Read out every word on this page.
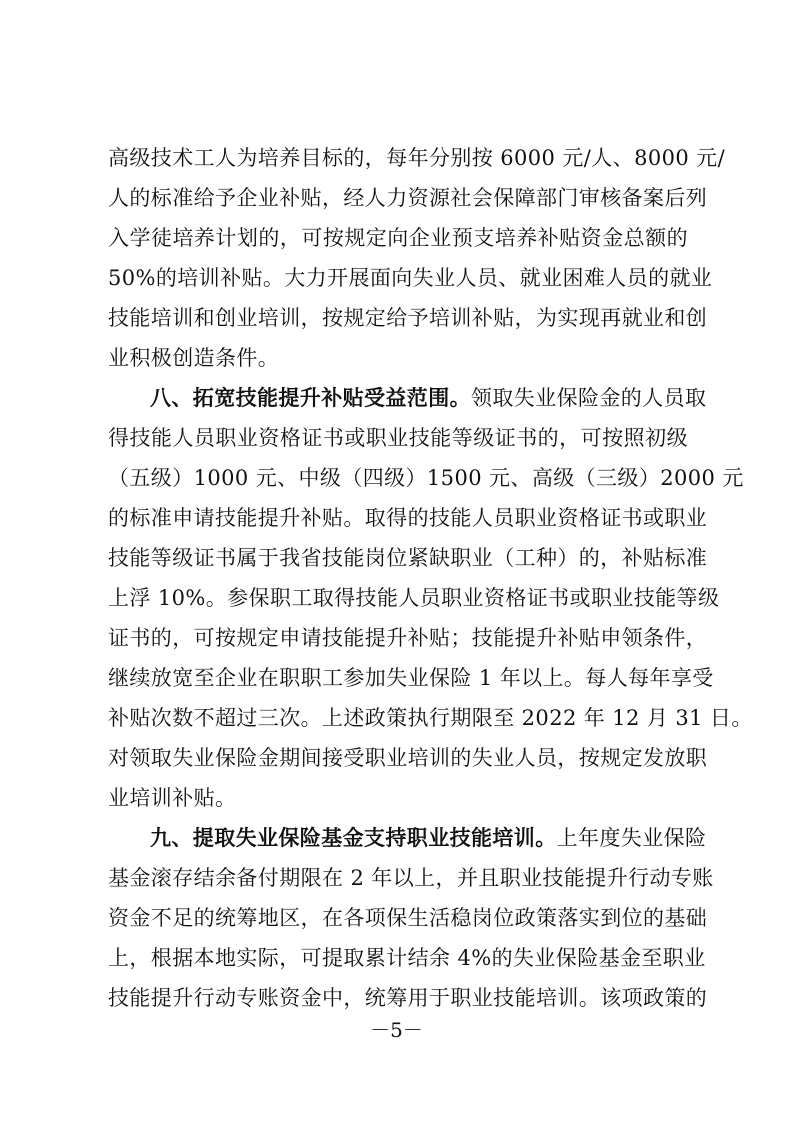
高级技术工人为培养目标的，每年分别按 6000 元/人、8000 元/
人的标准给予企业补贴，经人力资源社会保障部门审核备案后列
入学徒培养计划的，可按规定向企业预支培养补贴资金总额的
50%的培训补贴。大力开展面向失业人员、就业困难人员的就业
技能培训和创业培训，按规定给予培训补贴，为实现再就业和创
业积极创造条件。
八、拓宽技能提升补贴受益范围。领取失业保险金的人员取
得技能人员职业资格证书或职业技能等级证书的，可按照初级
（五级）1000 元、中级（四级）1500 元、高级（三级）2000 元
的标准申请技能提升补贴。取得的技能人员职业资格证书或职业
技能等级证书属于我省技能岗位紧缺职业（工种）的，补贴标准
上浮 10%。参保职工取得技能人员职业资格证书或职业技能等级
证书的，可按规定申请技能提升补贴；技能提升补贴申领条件，
继续放宽至企业在职职工参加失业保险 1 年以上。每人每年享受
补贴次数不超过三次。上述政策执行期限至 2022 年 12 月 31 日。
对领取失业保险金期间接受职业培训的失业人员，按规定发放职
业培训补贴。
九、提取失业保险基金支持职业技能培训。上年度失业保险
基金滚存结余备付期限在 2 年以上，并且职业技能提升行动专账
资金不足的统筹地区，在各项保生活稳岗位政策落实到位的基础
上，根据本地实际，可提取累计结余 4%的失业保险基金至职业
技能提升行动专账资金中，统筹用于职业技能培训。该项政策的
－5－
